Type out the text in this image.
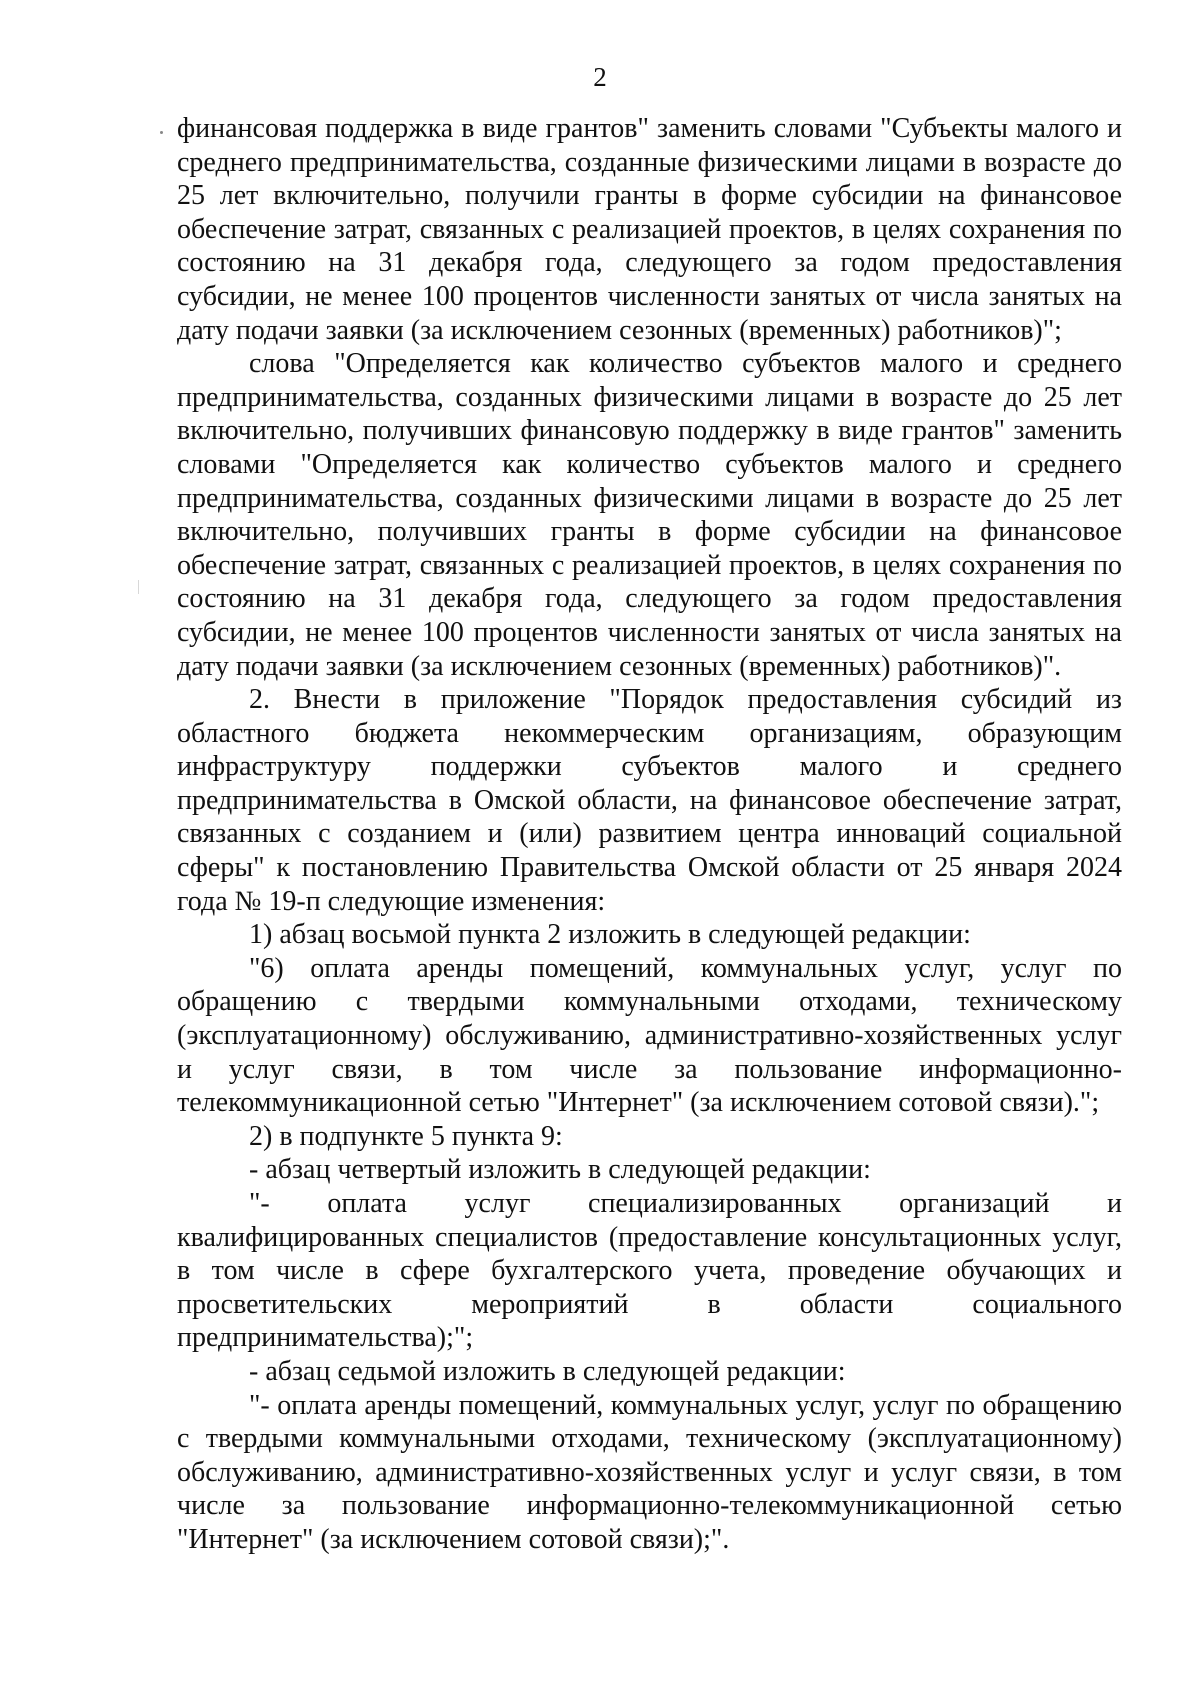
2

финансовая поддержка в виде грантов" заменить словами "Субъекты малого и среднего предпринимательства, созданные физическими лицами в возрасте до 25 лет включительно, получили гранты в форме субсидии на финансовое обеспечение затрат, связанных с реализацией проектов, в целях сохранения по состоянию на 31 декабря года, следующего за годом предоставления субсидии, не менее 100 процентов численности занятых от числа занятых на дату подачи заявки (за исключением сезонных (временных) работников)";

слова "Определяется как количество субъектов малого и среднего предпринимательства, созданных физическими лицами в возрасте до 25 лет включительно, получивших финансовую поддержку в виде грантов" заменить словами "Определяется как количество субъектов малого и среднего предпринимательства, созданных физическими лицами в возрасте до 25 лет включительно, получивших гранты в форме субсидии на финансовое обеспечение затрат, связанных с реализацией проектов, в целях сохранения по состоянию на 31 декабря года, следующего за годом предоставления субсидии, не менее 100 процентов численности занятых от числа занятых на дату подачи заявки (за исключением сезонных (временных) работников)".

2. Внести в приложение "Порядок предоставления субсидий из областного бюджета некоммерческим организациям, образующим инфраструктуру поддержки субъектов малого и среднего предпринимательства в Омской области, на финансовое обеспечение затрат, связанных с созданием и (или) развитием центра инноваций социальной сферы" к постановлению Правительства Омской области от 25 января 2024 года № 19-п следующие изменения:

1) абзац восьмой пункта 2 изложить в следующей редакции:

"6) оплата аренды помещений, коммунальных услуг, услуг по обращению с твердыми коммунальными отходами, техническому (эксплуатационному) обслуживанию, административно-хозяйственных услуг и услуг связи, в том числе за пользование информационно-телекоммуникационной сетью "Интернет" (за исключением сотовой связи).";

2) в подпункте 5 пункта 9:

- абзац четвертый изложить в следующей редакции:

"- оплата услуг специализированных организаций и квалифицированных специалистов (предоставление консультационных услуг, в том числе в сфере бухгалтерского учета, проведение обучающих и просветительских мероприятий в области социального предпринимательства);";

- абзац седьмой изложить в следующей редакции:

"- оплата аренды помещений, коммунальных услуг, услуг по обращению с твердыми коммунальными отходами, техническому (эксплуатационному) обслуживанию, административно-хозяйственных услуг и услуг связи, в том числе за пользование информационно-телекоммуникационной сетью "Интернет" (за исключением сотовой связи);".
